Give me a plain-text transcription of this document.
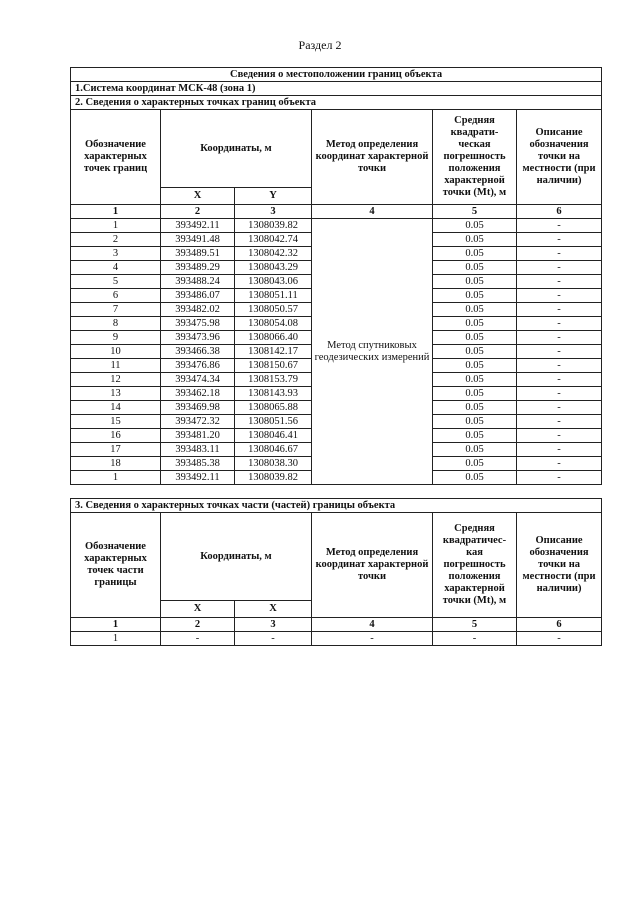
Раздел 2
Сведения о местоположении границ объекта					
1.Система координат МСК-48 (зона 1)					
2. Сведения о характерных точках границ объекта					
Обозначение характерных точек границ	Координаты, м		Метод определения координат характерной точки	Средняя квадрати-ческая погрешность положения характерной точки (Mt), м	Описание обозначения точки на местности (при наличии)
	X	Y			
1	2	3	4	5	6
1	393492.11	1308039.82	Метод спутниковых геодезических измерений	0.05	-
2	393491.48	1308042.74		0.05	-
3	393489.51	1308042.32		0.05	-
4	393489.29	1308043.29		0.05	-
5	393488.24	1308043.06		0.05	-
6	393486.07	1308051.11		0.05	-
7	393482.02	1308050.57		0.05	-
8	393475.98	1308054.08		0.05	-
9	393473.96	1308066.40		0.05	-
10	393466.38	1308142.17		0.05	-
11	393476.86	1308150.67		0.05	-
12	393474.34	1308153.79		0.05	-
13	393462.18	1308143.93		0.05	-
14	393469.98	1308065.88		0.05	-
15	393472.32	1308051.56		0.05	-
16	393481.20	1308046.41		0.05	-
17	393483.11	1308046.67		0.05	-
18	393485.38	1308038.30		0.05	-
1	393492.11	1308039.82		0.05	-
3. Сведения о характерных точках части (частей) границы объекта					
Обозначение характерных точек части границы	Координаты, м		Метод определения координат характерной точки	Средняя квадратичес-кая погрешность положения характерной точки (Mt), м	Описание обозначения точки на местности (при наличии)
	X	X			
1	2	3	4	5	6
1	-	-	-	-	-
